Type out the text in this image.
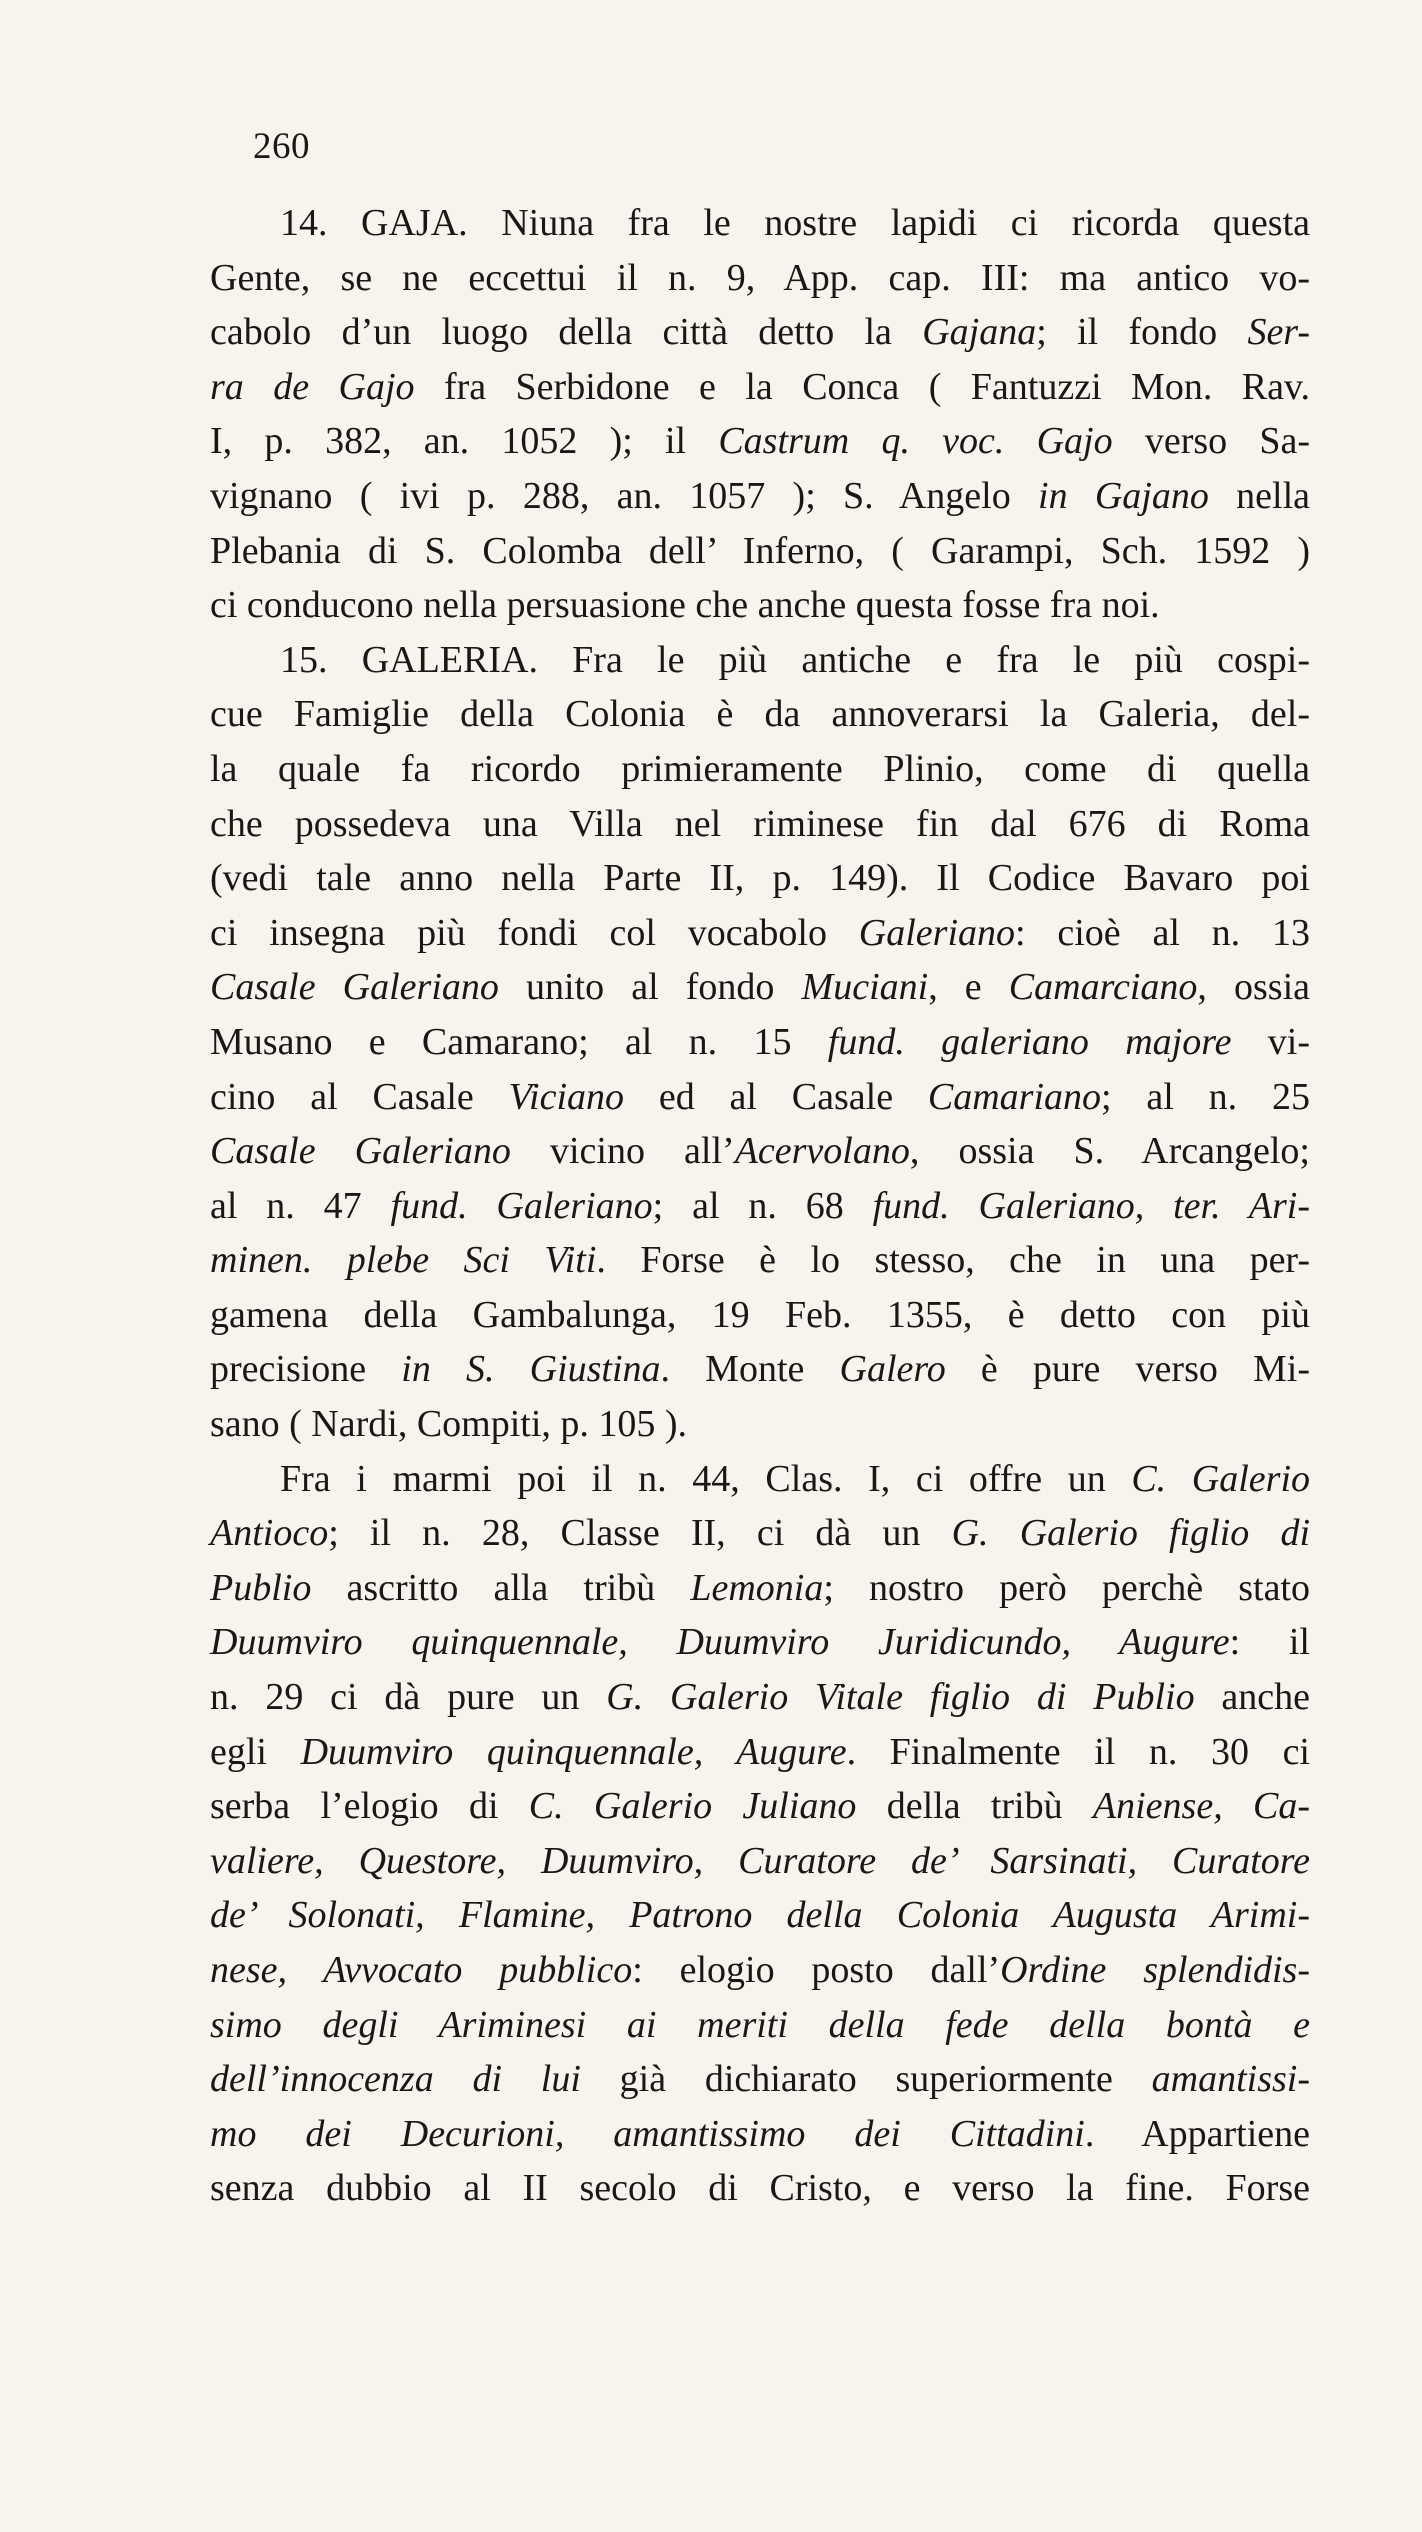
260
14. GAJA. Niuna fra le nostre lapidi ci ricorda questa
Gente, se ne eccettui il n. 9, App. cap. III: ma antico vo-
cabolo d’un luogo della città detto la Gajana; il fondo Ser-
ra de Gajo fra Serbidone e la Conca ( Fantuzzi Mon. Rav.
I, p. 382, an. 1052 ); il Castrum q. voc. Gajo verso Sa-
vignano ( ivi p. 288, an. 1057 ); S. Angelo in Gajano nella
Plebania di S. Colomba dell’ Inferno, ( Garampi, Sch. 1592 )
ci conducono nella persuasione che anche questa fosse fra noi.
15. GALERIA. Fra le più antiche e fra le più cospi-
cue Famiglie della Colonia è da annoverarsi la Galeria, del-
la quale fa ricordo primieramente Plinio, come di quella
che possedeva una Villa nel riminese fin dal 676 di Roma
(vedi tale anno nella Parte II, p. 149). Il Codice Bavaro poi
ci insegna più fondi col vocabolo Galeriano: cioè al n. 13
Casale Galeriano unito al fondo Muciani, e Camarciano, ossia
Musano e Camarano; al n. 15 fund. galeriano majore vi-
cino al Casale Viciano ed al Casale Camariano; al n. 25
Casale Galeriano vicino all’Acervolano, ossia S. Arcangelo;
al n. 47 fund. Galeriano; al n. 68 fund. Galeriano, ter. Ari-
minen. plebe Sci Viti. Forse è lo stesso, che in una per-
gamena della Gambalunga, 19 Feb. 1355, è detto con più
precisione in S. Giustina. Monte Galero è pure verso Mi-
sano ( Nardi, Compiti, p. 105 ).
Fra i marmi poi il n. 44, Clas. I, ci offre un C. Galerio
Antioco; il n. 28, Classe II, ci dà un G. Galerio figlio di
Publio ascritto alla tribù Lemonia; nostro però perchè stato
Duumviro quinquennale, Duumviro Juridicundo, Augure: il
n. 29 ci dà pure un G. Galerio Vitale figlio di Publio anche
egli Duumviro quinquennale, Augure. Finalmente il n. 30 ci
serba l’elogio di C. Galerio Juliano della tribù Aniense, Ca-
valiere, Questore, Duumviro, Curatore de’ Sarsinati, Curatore
de’ Solonati, Flamine, Patrono della Colonia Augusta Arimi-
nese, Avvocato pubblico: elogio posto dall’Ordine splendidis-
simo degli Ariminesi ai meriti della fede della bontà e
dell’innocenza di lui già dichiarato superiormente amantissi-
mo dei Decurioni, amantissimo dei Cittadini. Appartiene
senza dubbio al II secolo di Cristo, e verso la fine. Forse
